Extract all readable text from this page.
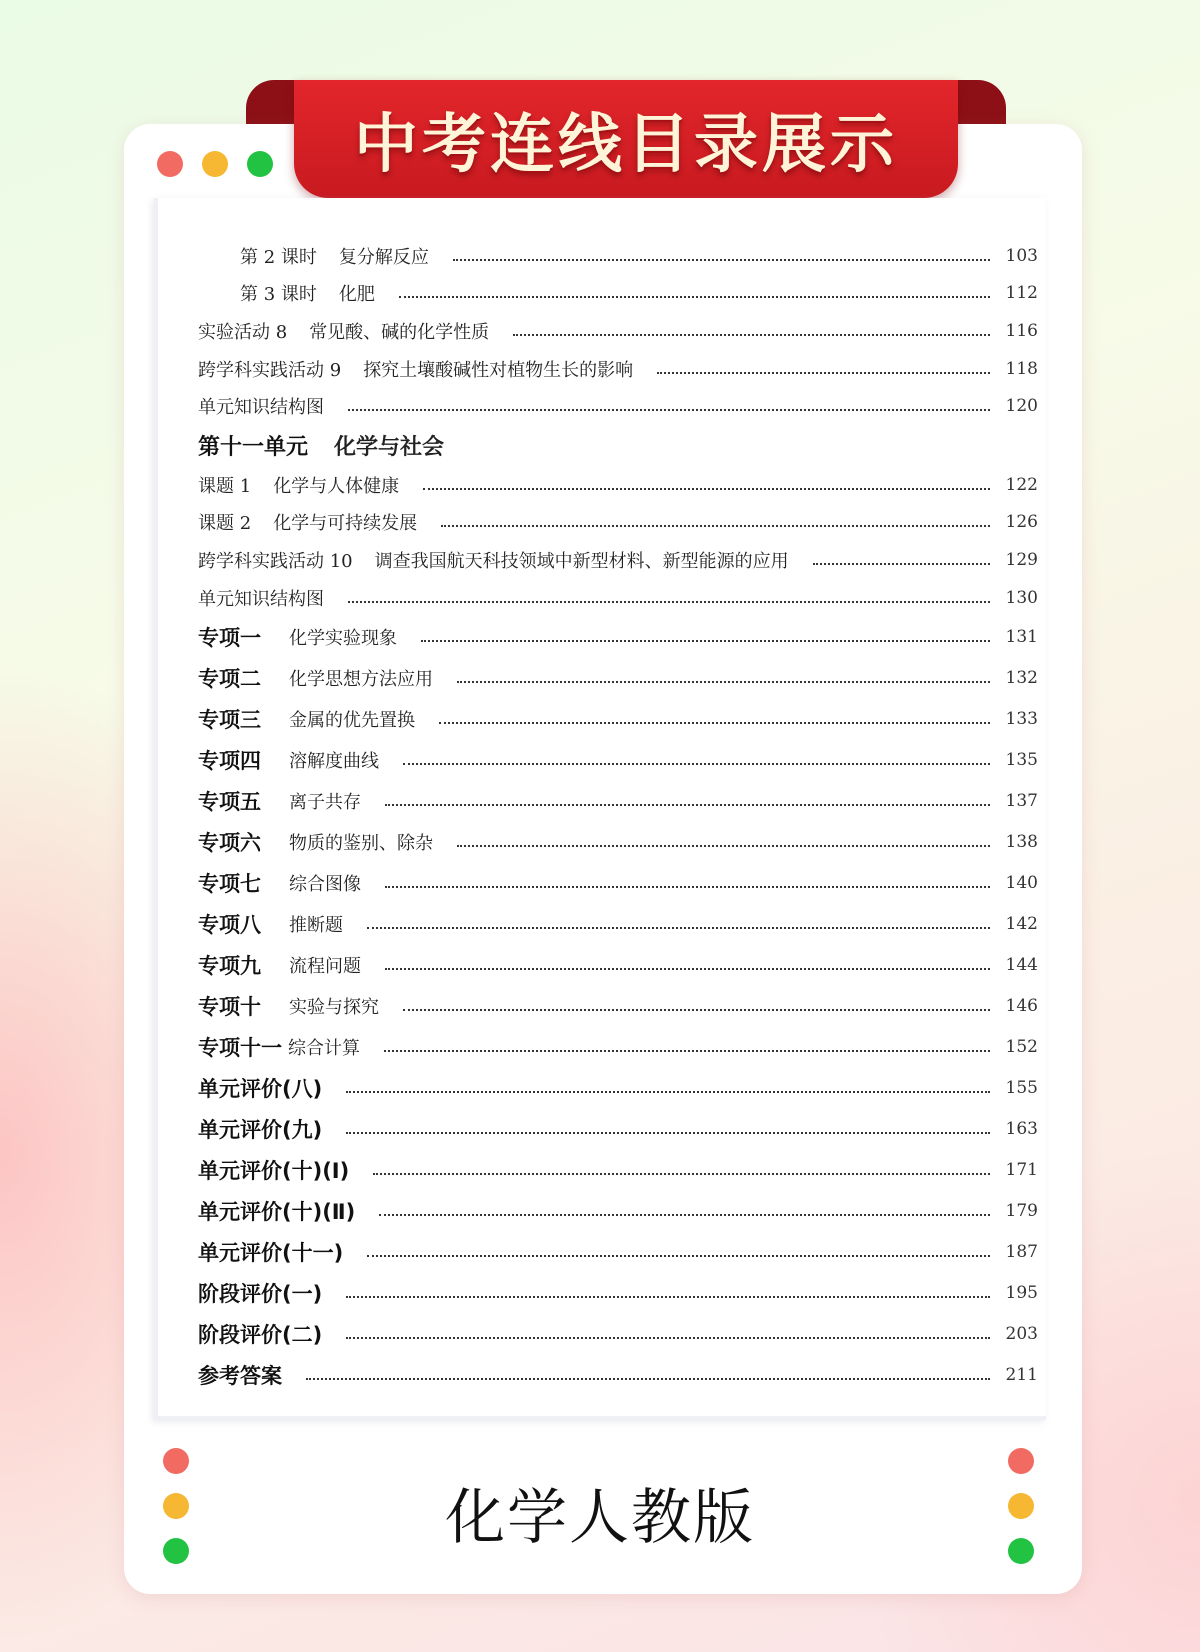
中考连线目录展示
第 2 课时 复分解反应	103
第 3 课时 化肥	112
实验活动 8 常见酸、碱的化学性质	116
跨学科实践活动 9 探究土壤酸碱性对植物生长的影响	118
单元知识结构图	120
第十一单元 化学与社会
课题 1 化学与人体健康	122
课题 2 化学与可持续发展	126
跨学科实践活动 10 调查我国航天科技领域中新型材料、新型能源的应用	129
单元知识结构图	130
专项一 化学实验现象	131
专项二 化学思想方法应用	132
专项三 金属的优先置换	133
专项四 溶解度曲线	135
专项五 离子共存	137
专项六 物质的鉴别、除杂	138
专项七 综合图像	140
专项八 推断题	142
专项九 流程问题	144
专项十 实验与探究	146
专项十一 综合计算	152
单元评价(八)	155
单元评价(九)	163
单元评价(十)(Ⅰ)	171
单元评价(十)(Ⅱ)	179
单元评价(十一)	187
阶段评价(一)	195
阶段评价(二)	203
参考答案	211
化学人教版
